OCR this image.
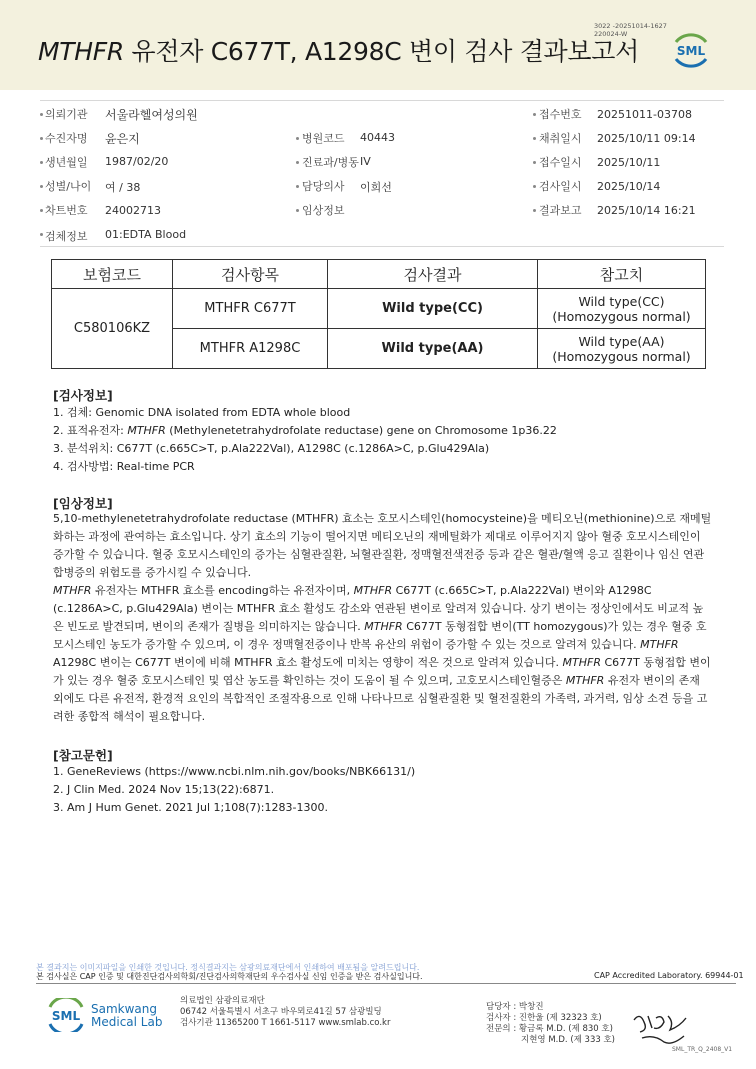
MTHFR 유전자 C677T, A1298C 변이 검사 결과보고서
3022 -20251014-1627
220024-W
SML
의뢰기관 서울라헬여성의원
수진자명 윤은지
생년월일 1987/02/20
성별/나이 여 / 38
차트번호 24002713
검체정보 01:EDTA Blood
병원코드 40443
진료과/병동 IV
담당의사 이희선
임상정보
접수번호 20251011-03708
채취일시 2025/10/11 09:14
접수일시 2025/10/11
검사일시 2025/10/14
결과보고 2025/10/14 16:21
보험코드	검사항목	검사결과	참고치
C580106KZ	MTHFR C677T	Wild type(CC)	Wild type(CC)
(Homozygous normal)

	MTHFR A1298C	Wild type(AA)	Wild type(AA)
(Homozygous normal)
[검사정보]
1. 검체: Genomic DNA isolated from EDTA whole blood
2. 표적유전자: MTHFR (Methylenetetrahydrofolate reductase) gene on Chromosome 1p36.22
3. 분석위치: C677T (c.665C>T, p.Ala222Val), A1298C (c.1286A>C, p.Glu429Ala)
4. 검사방법: Real-time PCR
[임상정보]
5,10-methylenetetrahydrofolate reductase (MTHFR) 효소는 호모시스테인(homocysteine)을 메티오닌(methionine)으로 재메틸화하는 과정에 관여하는 효소입니다. 상기 효소의 기능이 떨어지면 메티오닌의 재메틸화가 제대로 이루어지지 않아 혈중 호모시스테인이 증가할 수 있습니다. 혈중 호모시스테인의 증가는 심혈관질환, 뇌혈관질환, 정맥혈전색전증 등과 같은 혈관/혈액 응고 질환이나 임신 연관 합병증의 위험도를 증가시킬 수 있습니다.
MTHFR 유전자는 MTHFR 효소를 encoding하는 유전자이며, MTHFR C677T (c.665C>T, p.Ala222Val) 변이와 A1298C (c.1286A>C, p.Glu429Ala) 변이는 MTHFR 효소 활성도 감소와 연관된 변이로 알려져 있습니다. 상기 변이는 정상인에서도 비교적 높은 빈도로 발견되며, 변이의 존재가 질병을 의미하지는 않습니다. MTHFR C677T 동형접합 변이(TT homozygous)가 있는 경우 혈중 호모시스테인 농도가 증가할 수 있으며, 이 경우 정맥혈전증이나 반복 유산의 위험이 증가할 수 있는 것으로 알려져 있습니다. MTHFR A1298C 변이는 C677T 변이에 비해 MTHFR 효소 활성도에 미치는 영향이 적은 것으로 알려져 있습니다. MTHFR C677T 동형접합 변이가 있는 경우 혈중 호모시스테인 및 엽산 농도를 확인하는 것이 도움이 될 수 있으며, 고호모시스테인혈증은 MTHFR 유전자 변이의 존재 외에도 다른 유전적, 환경적 요인의 복합적인 조절작용으로 인해 나타나므로 심혈관질환 및 혈전질환의 가족력, 과거력, 임상 소견 등을 고려한 종합적 해석이 필요합니다.
[참고문헌]
1. GeneReviews (https://www.ncbi.nlm.nih.gov/books/NBK66131/)
2. J Clin Med. 2024 Nov 15;13(22):6871.
3. Am J Hum Genet. 2021 Jul 1;108(7):1283-1300.
본 결과지는 이미지파일을 인쇄한 것입니다. 정식결과지는 삼광의료재단에서 인쇄하여 배포됨을 알려드립니다.
본 검사실은 CAP 인증 및 대한진단검사의학회/진단검사의학재단의 우수검사실 신임 인증을 받은 검사실입니다.	CAP Accredited Laboratory. 69944-01
SML Samkwang
Medical Lab
의료법인 삼광의료재단
06742 서울특별시 서초구 바우뫼로41길 57 삼광빌딩
검사기관 11365200 T 1661-5117 www.smlab.co.kr
담당자 : 박창진
검사자 : 진한울 (제 32323 호)
전문의 : 황금록 M.D. (제 830 호)
지현영 M.D. (제 333 호)
SML_TR_Q_2408_V1
